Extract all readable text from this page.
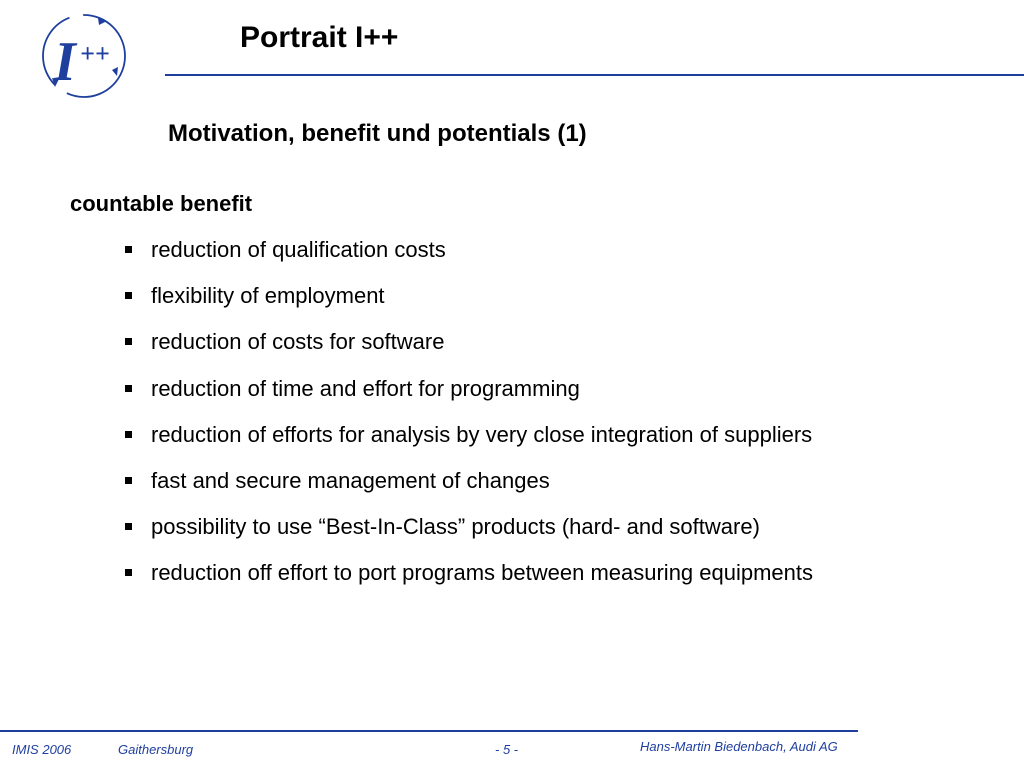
I ++	Portrait I++
Motivation, benefit und potentials (1)
countable benefit
reduction of qualification costs
flexibility of employment
reduction of costs for software
reduction of time and effort for programming
reduction of efforts for analysis by very close integration of suppliers
fast and secure management of changes
possibility to use “Best-In-Class” products (hard- and software)
reduction off effort to port programs between measuring equipments
IMIS 2006	Gaithersburg	- 5 -	Hans-Martin Biedenbach, Audi AG
